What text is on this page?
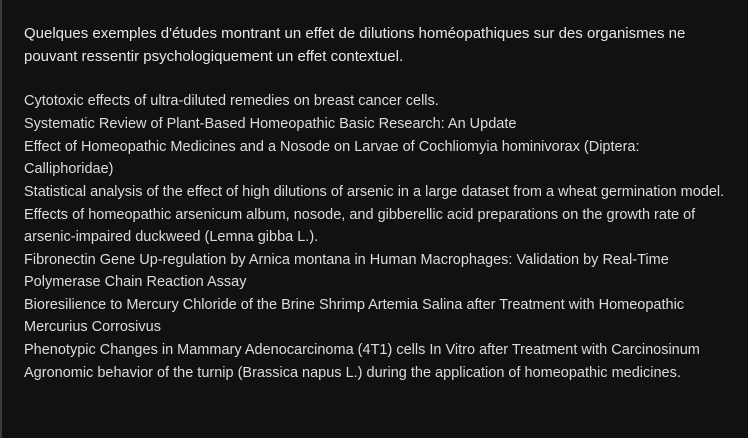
Quelques exemples d'études montrant un effet de dilutions homéopathiques sur des organismes ne pouvant ressentir psychologiquement un effet contextuel.

Cytotoxic effects of ultra-diluted remedies on breast cancer cells.
Systematic Review of Plant-Based Homeopathic Basic Research: An Update
Effect of Homeopathic Medicines and a Nosode on Larvae of Cochliomyia hominivorax (Diptera: Calliphoridae)
Statistical analysis of the effect of high dilutions of arsenic in a large dataset from a wheat germination model.
Effects of homeopathic arsenicum album, nosode, and gibberellic acid preparations on the growth rate of arsenic-impaired duckweed (Lemna gibba L.).
Fibronectin Gene Up-regulation by Arnica montana in Human Macrophages: Validation by Real-Time Polymerase Chain Reaction Assay
Bioresilience to Mercury Chloride of the Brine Shrimp Artemia Salina after Treatment with Homeopathic Mercurius Corrosivus
Phenotypic Changes in Mammary Adenocarcinoma (4T1) cells In Vitro after Treatment with Carcinosinum
Agronomic behavior of the turnip (Brassica napus L.) during the application of homeopathic medicines.
